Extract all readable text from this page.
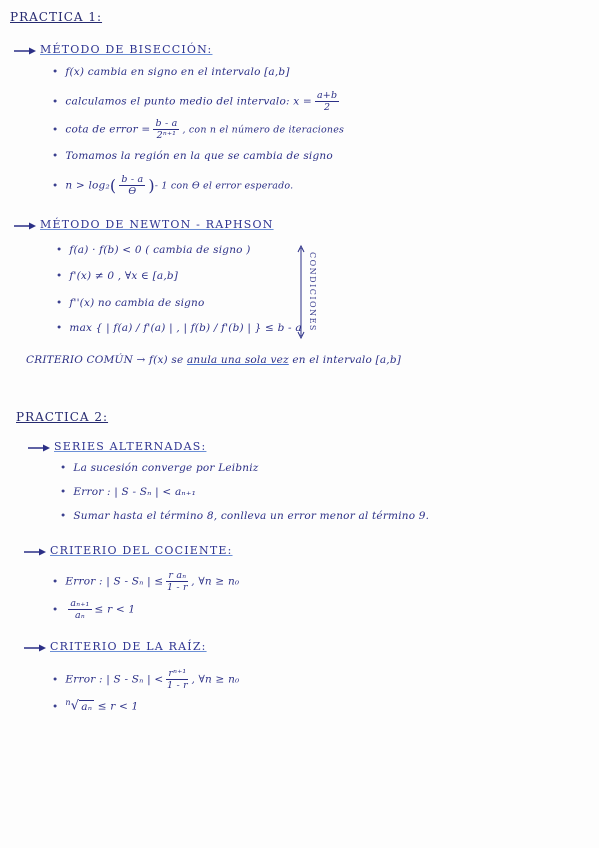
PRACTICA 1:
MÉTODO DE BISECCIÓN:
• f(x) cambia en signo en el intervalo [a,b]
• calculamos el punto medio del intervalo: $x = \frac{a+b}{2}$
• cota de error = $\frac{b - a}{\text{2ⁿ⁺¹}}$ , con n el número de iteraciones
• Tomamos la región en la que se cambia de signo
• $n > \log_2( \frac{b - a}{ϴ}$ )- 1 con ϴ el error esperado.
MÉTODO DE NEWTON - RAPHSON
• f(a) · f(b) < 0 ( cambia de signo )
• f'(x) ≠ 0 , ∀x ∈ [a,b]
• f''(x) no cambia de signo
• max { | f(a) / f'(a) | , | f(b) / f'(b) | } ≤ b - a CONDICIONES
CRITERIO COMÚN → f(x) se anula una sola vez en el intervalo [a,b]
PRACTICA 2:
SERIES ALTERNADAS:
• La sucesión converge por Leibniz
• Error : | S - Sₙ | < aₙ₊₁
• Sumar hasta el término 8, conlleva un error menor al término 9.
CRITERIO DEL COCIENTE:
• Error : | S - Sₙ | ≤ $\frac{\text{r aₙ}}{1 - r}$ , ∀n ≥ n₀
• $\frac{\text{aₙ₊₁}}{\text{aₙ}} \le r < 1$
CRITERIO DE LA RAÍZ:
• Error : | S - Sₙ | < $\frac{\text{rⁿ⁺¹}}{1 - r}$ , ∀n ≥ n₀
• $^n$√ aₙ ≤ r < 1
